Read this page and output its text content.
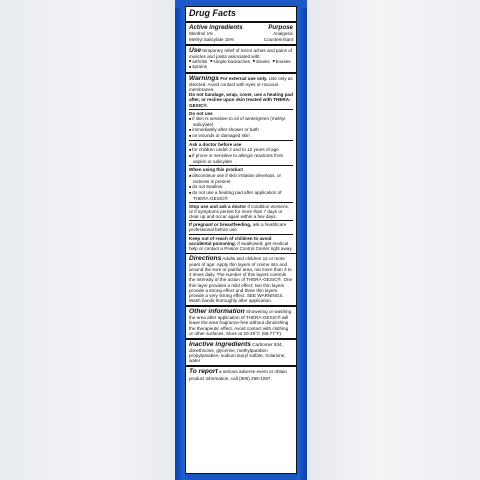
Drug Facts
Active ingredients	Purpose
Menthol 1%	Analgesic
Methyl Salicylate 15%	Counterirritant
Use temporary relief of minor aches and pains of muscles and joints associated with:
■ arthritis	■ simple backaches	■ strains	■ bruises
■ sprains
Warnings For external use only. Use only as directed. Avoid contact with eyes or mucous membranes.
Do not bandage, wrap, cover, use a heating pad after, or recline upon skin treated with THERA-GESIC®.
Do not use
■ if skin is sensitive to oil of wintergreen (methyl salicylate)
■ immediately after shower or bath
■ on wounds or damaged skin
Ask a doctor before use
■ for children under 2 and to 12 years of age
■ if prone or sensitive to allergic reactions from aspirin or salicylate
When using this product
■ discontinue use if skin irritation develops, or redness is present
■ do not swallow
■ do not use a heating pad after application of THERA-GESIC®
Stop use and ask a doctor if condition worsens, or if symptoms persist for more than 7 days or clear up and occur again within a few days.
If pregnant or breastfeeding, ask a healthcare professional before use.
Keep out of reach of children to avoid accidental poisoning. If swallowed, get medical help or contact a Poison Control Center right away.
Directions Adults and children 12 or more years of age: Apply thin layers of creme into and around the sore or painful area, not more than 3 to 4 times daily. The number of thin layers controls the intensity of the action of THERA-GESIC®. One thin layer provides a mild effect; two thin layers provide a strong effect and three thin layers provide a very strong effect. SEE WARNINGS. Wash hands thoroughly after application.
Other information Showering or washing the area after application of THERA-GESIC® will leave the area fragrance-free without diminishing the therapeutic effect. Avoid contact with clothing or other surfaces. Store at 20-25°C (68-77°F).
Inactive ingredients Carbomer 934, dimethicone, glycerine, methylparaben propylparaben, sodium lauryl sulfate, trolamine, water
To report a serious adverse event or obtain product information, call (800) 298-1087.
